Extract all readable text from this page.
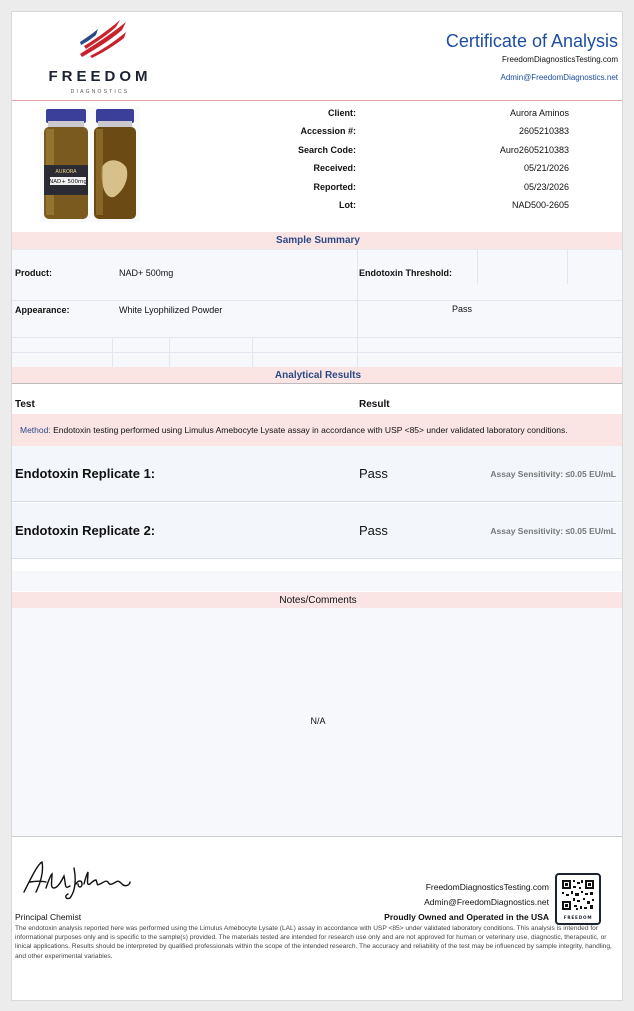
FREEDOM
DIAGNOSTICS
Certificate of Analysis
FreedomDiagnosticsTesting.com
Admin@FreedomDiagnostics.net
AURORA
NAD+ 500mg
Client:	Aurora Aminos
Accession #:	2605210383
Search Code:	Auro2605210383
Received:	05/21/2026
Reported:	05/23/2026
Lot:	NAD500-2605
Sample Summary
Product:	NAD+ 500mg	Endotoxin Threshold:
Appearance:	White Lyophilized Powder	Pass
Analytical Results
Test	Result
Method: Endotoxin testing performed using Limulus Amebocyte Lysate assay in accordance with USP <85> under validated laboratory conditions.
Endotoxin Replicate 1:	Pass	Assay Sensitivity: ≤0.05 EU/mL
Endotoxin Replicate 2:	Pass	Assay Sensitivity: ≤0.05 EU/mL
Notes/Comments
N/A
Principal Chemist
FreedomDiagnosticsTesting.com
Admin@FreedomDiagnostics.net
Proudly Owned and Operated in the USA	FREEDOM
The endotoxin analysis reported here was performed using the Limulus Amebocyte Lysate (LAL) assay in accordance with USP <85> under validated laboratory conditions. This analysis is intended for informational purposes only and is specific to the sample(s) provided. The materials tested are intended for research use only and are not approved for human or veterinary use, diagnostic, therapeutic, or linical applications. Results should be interpreted by qualified professionals within the scope of the intended research. The accuracy and reliability of the test may be influenced by sample integrity, handling, and other experimental variables.
